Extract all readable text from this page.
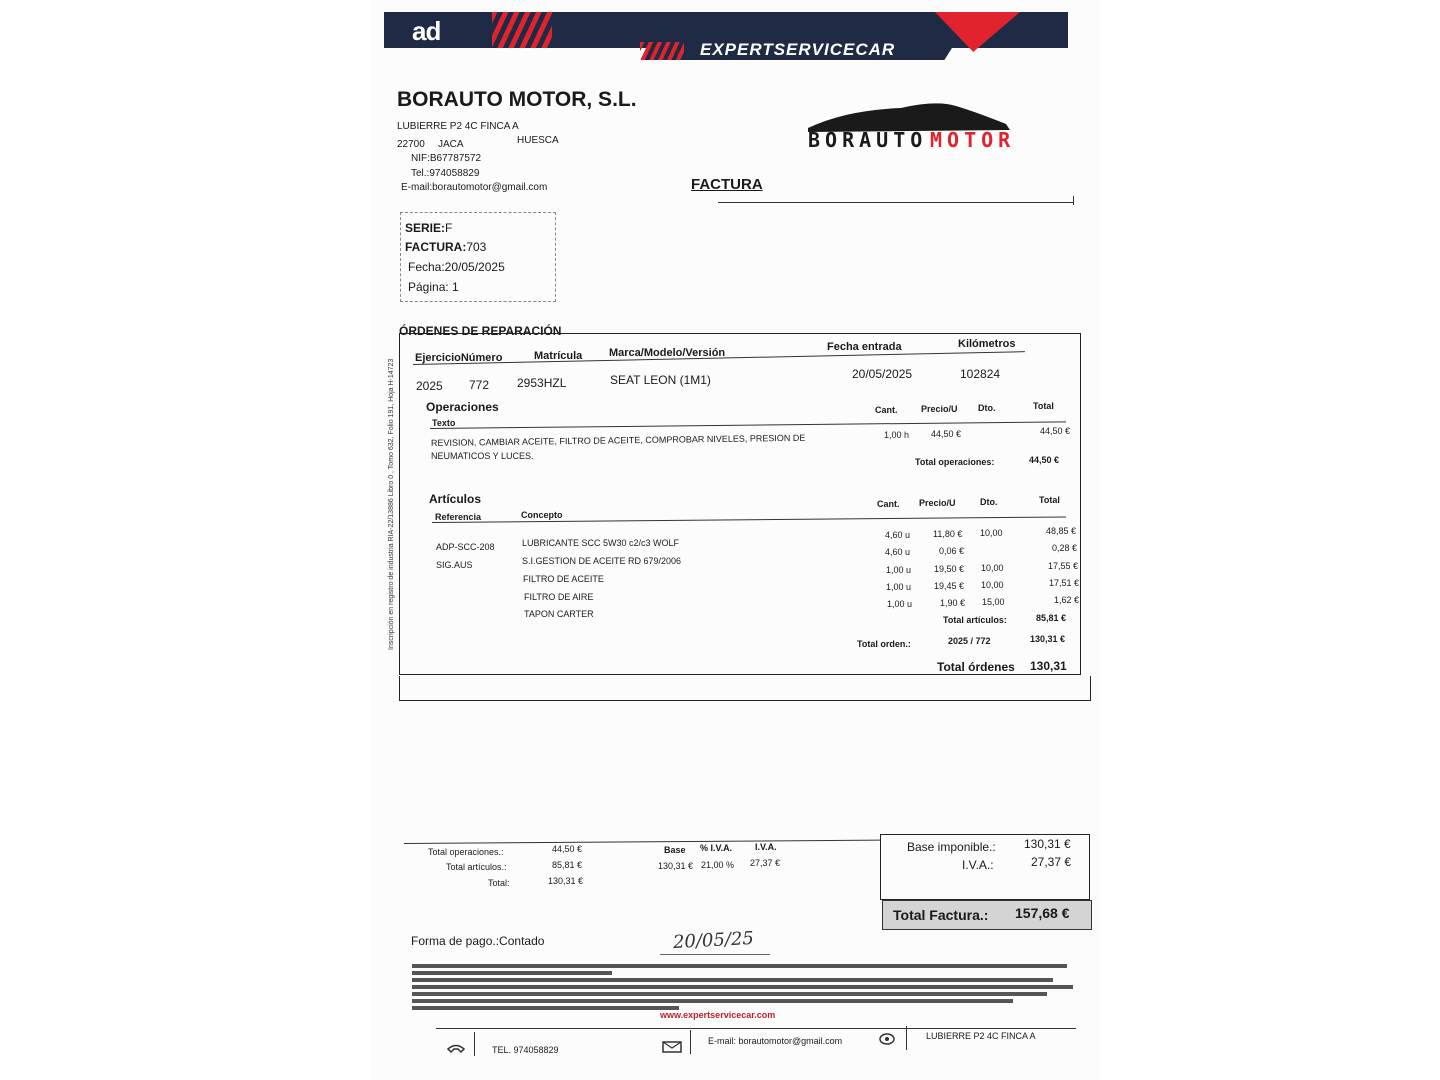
ad
EXPERTSERVICECAR
BORAUTO MOTOR, S.L.
LUBIERRE P2 4C FINCA A
22700 JACA	HUESCA
NIF:B67787572
Tel.:974058829
E-mail:borautomotor@gmail.com
BORAUTO MOTOR
FACTURA
SERIE:F
FACTURA:703
Fecha:20/05/2025
Página: 1
ÓRDENES DE REPARACIÓN
Total órdenes 130,31
EjercicioNúmero	Matrícula Marca/Modelo/Versión	Fecha entrada	Kilómetros
2025 772 2953HZL	SEAT LEON (1M1)	20/05/2025	102824
Operaciones
Texto
Cant.	Precio/U Dto.	Total
REVISION, CAMBIAR ACEITE, FILTRO DE ACEITE, COMPROBAR NIVELES, PRESION DE
NEUMATICOS Y LUCES.
1,00 h 44,50 €	44,50 €
Total operaciones:	44,50 €
Artículos
Referencia	Concepto
Cant. Precio/U	Dto.	Total
ADP-SCC-208	LUBRICANTE SCC 5W30 c2/c3 WOLF
4,60 u	11,80 € 10,00	48,85 €
SIG.AUS	S.I.GESTION DE ACEITE RD 679/2006
4,60 u	0,06 €	0,28 €
FILTRO DE ACEITE
1,00 u	19,50 € 10,00	17,55 €
FILTRO DE AIRE
1,00 u	19,45 € 10,00	17,51 €
TAPON CARTER
1,00 u	1,90 € 15,00	1,62 €
Total artículos:	85,81 €
Total orden.:	2025 / 772	130,31 €
Inscripción en registro de industria RIA-22/13886 Libro 0 , Tomo 632, Folio 191, Hoja H-14723
Total operaciones.:	44,50 €
Total artículos.:	85,81 €
Total:	130,31 €
Base % I.V.A.	I.V.A.
130,31 € 21,00 % 27,37 €
Base imponible.: 130,31 €
I.V.A.:	27,37 €
Total Factura.: 157,68 €
Forma de pago.:Contado	20/05/25
www.expertservicecar.com
TEL. 974058829
E-mail: borautomotor@gmail.com	LUBIERRE P2 4C FINCA A
